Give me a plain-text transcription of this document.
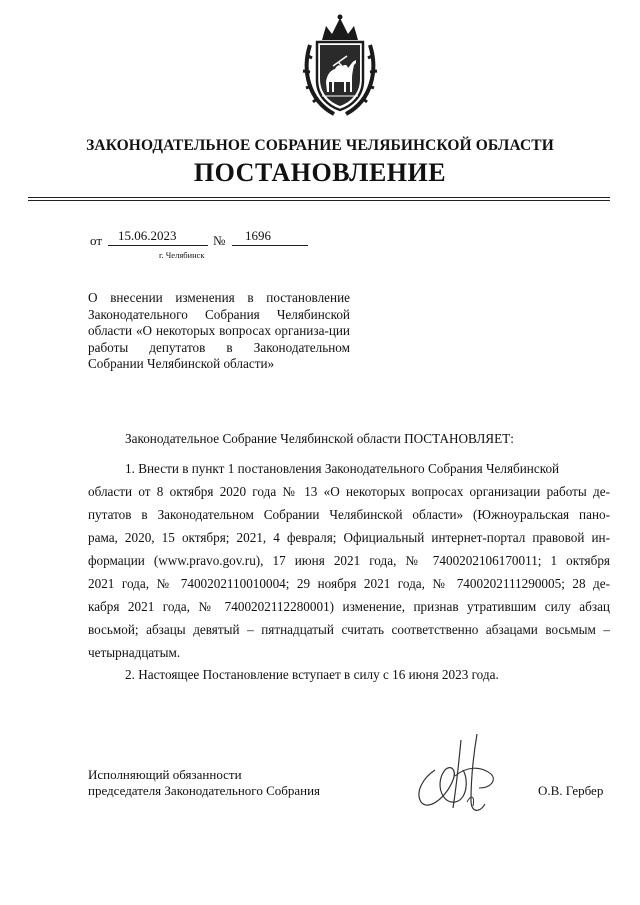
ЗАКОНОДАТЕЛЬНОЕ СОБРАНИЕ ЧЕЛЯБИНСКОЙ ОБЛАСТИ
ПОСТАНОВЛЕНИЕ
от 15.06.2023	№ 1696
г. Челябинск
О внесении изменения в постановление Законодательного Собрания Челябинской области «О некоторых вопросах организа-ции работы депутатов в Законодательном Собрании Челябинской области»
Законодательное Собрание Челябинской области ПОСТАНОВЛЯЕТ:
1. Внести в пункт 1 постановления Законодательного Собрания Челябинской
области от 8 октября 2020 года № 13 «О некоторых вопросах организации работы де-
путатов в Законодательном Собрании Челябинской области» (Южноуральская пано-
рама, 2020, 15 октября; 2021, 4 февраля; Официальный интернет-портал правовой ин-
формации (www.pravo.gov.ru), 17 июня 2021 года, № 7400202106170011; 1 октября
2021 года, № 7400202110010004; 29 ноября 2021 года, № 7400202111290005; 28 де-
кабря 2021 года, № 7400202112280001) изменение, признав утратившим силу абзац
восьмой; абзацы девятый – пятнадцатый считать соответственно абзацами восьмым –
четырнадцатым.
2. Настоящее Постановление вступает в силу с 16 июня 2023 года.
Исполняющий обязанности
председателя Законодательного Собрания	О.В. Гербер
